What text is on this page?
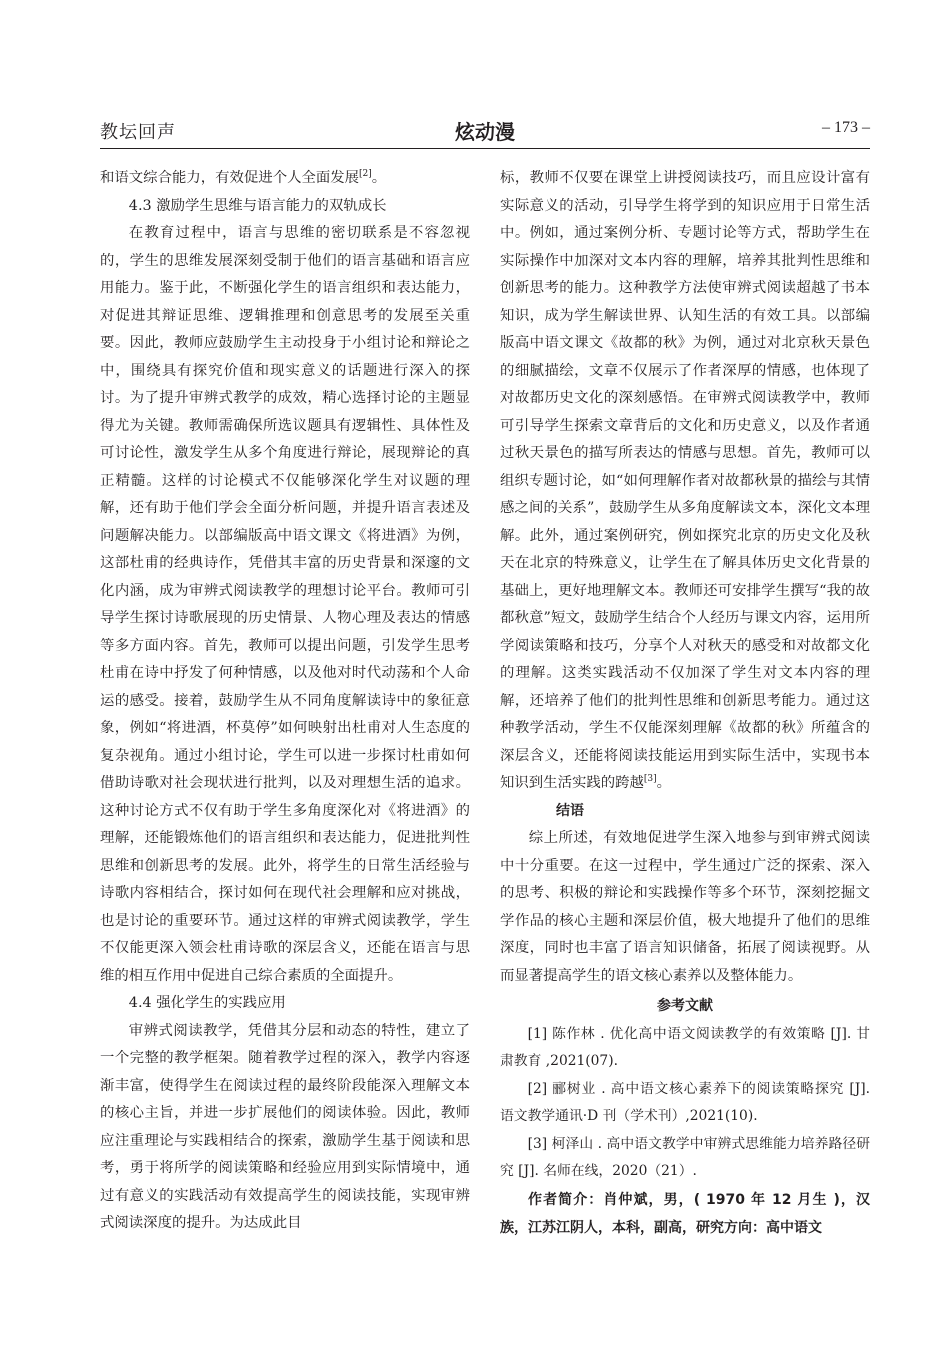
教坛回声	炫动漫	– 173 –

和语文综合能力，有效促进个人全面发展[2]。

4.3 激励学生思维与语言能力的双轨成长

在教育过程中，语言与思维的密切联系是不容忽视的，学生的思维发展深刻受制于他们的语言基础和语言应用能力。鉴于此，不断强化学生的语言组织和表达能力，对促进其辩证思维、逻辑推理和创意思考的发展至关重要。因此，教师应鼓励学生主动投身于小组讨论和辩论之中，围绕具有探究价值和现实意义的话题进行深入的探讨。为了提升审辨式教学的成效，精心选择讨论的主题显得尤为关键。教师需确保所选议题具有逻辑性、具体性及可讨论性，激发学生从多个角度进行辩论，展现辩论的真正精髓。这样的讨论模式不仅能够深化学生对议题的理解，还有助于他们学会全面分析问题，并提升语言表述及问题解决能力。以部编版高中语文课文《将进酒》为例，这部杜甫的经典诗作，凭借其丰富的历史背景和深邃的文化内涵，成为审辨式阅读教学的理想讨论平台。教师可引导学生探讨诗歌展现的历史情景、人物心理及表达的情感等多方面内容。首先，教师可以提出问题，引发学生思考杜甫在诗中抒发了何种情感，以及他对时代动荡和个人命运的感受。接着，鼓励学生从不同角度解读诗中的象征意象，例如“将进酒，杯莫停”如何映射出杜甫对人生态度的复杂视角。通过小组讨论，学生可以进一步探讨杜甫如何借助诗歌对社会现状进行批判，以及对理想生活的追求。这种讨论方式不仅有助于学生多角度深化对《将进酒》的理解，还能锻炼他们的语言组织和表达能力，促进批判性思维和创新思考的发展。此外，将学生的日常生活经验与诗歌内容相结合，探讨如何在现代社会理解和应对挑战，也是讨论的重要环节。通过这样的审辨式阅读教学，学生不仅能更深入领会杜甫诗歌的深层含义，还能在语言与思维的相互作用中促进自己综合素质的全面提升。

4.4 强化学生的实践应用

审辨式阅读教学，凭借其分层和动态的特性，建立了一个完整的教学框架。随着教学过程的深入，教学内容逐渐丰富，使得学生在阅读过程的最终阶段能深入理解文本的核心主旨，并进一步扩展他们的阅读体验。因此，教师应注重理论与实践相结合的探索，激励学生基于阅读和思考，勇于将所学的阅读策略和经验应用到实际情境中，通过有意义的实践活动有效提高学生的阅读技能，实现审辨式阅读深度的提升。为达成此目

标，教师不仅要在课堂上讲授阅读技巧，而且应设计富有实际意义的活动，引导学生将学到的知识应用于日常生活中。例如，通过案例分析、专题讨论等方式，帮助学生在实际操作中加深对文本内容的理解，培养其批判性思维和创新思考的能力。这种教学方法使审辨式阅读超越了书本知识，成为学生解读世界、认知生活的有效工具。以部编版高中语文课文《故都的秋》为例，通过对北京秋天景色的细腻描绘，文章不仅展示了作者深厚的情感，也体现了对故都历史文化的深刻感悟。在审辨式阅读教学中，教师可引导学生探索文章背后的文化和历史意义，以及作者通过秋天景色的描写所表达的情感与思想。首先，教师可以组织专题讨论，如“如何理解作者对故都秋景的描绘与其情感之间的关系”，鼓励学生从多角度解读文本，深化文本理解。此外，通过案例研究，例如探究北京的历史文化及秋天在北京的特殊意义，让学生在了解具体历史文化背景的基础上，更好地理解文本。教师还可安排学生撰写“我的故都秋意”短文，鼓励学生结合个人经历与课文内容，运用所学阅读策略和技巧，分享个人对秋天的感受和对故都文化的理解。这类实践活动不仅加深了学生对文本内容的理解，还培养了他们的批判性思维和创新思考能力。通过这种教学活动，学生不仅能深刻理解《故都的秋》所蕴含的深层含义，还能将阅读技能运用到实际生活中，实现书本知识到生活实践的跨越[3]。

结语

综上所述，有效地促进学生深入地参与到审辨式阅读中十分重要。在这一过程中，学生通过广泛的探索、深入的思考、积极的辩论和实践操作等多个环节，深刻挖掘文学作品的核心主题和深层价值，极大地提升了他们的思维深度，同时也丰富了语言知识储备，拓展了阅读视野。从而显著提高学生的语文核心素养以及整体能力。

参考文献

[1] 陈作林 . 优化高中语文阅读教学的有效策略 [J]. 甘肃教育 ,2021(07).

[2] 郦树业 . 高中语文核心素养下的阅读策略探究 [J]. 语文教学通讯·D 刊（学术刊）,2021(10).

[3] 柯泽山 . 高中语文教学中审辨式思维能力培养路径研究 [J]. 名师在线，2020（21）.

作者简介：肖仲斌，男，( 1970 年 12 月生 )，汉族，江苏江阴人，本科，副高，研究方向：高中语文
